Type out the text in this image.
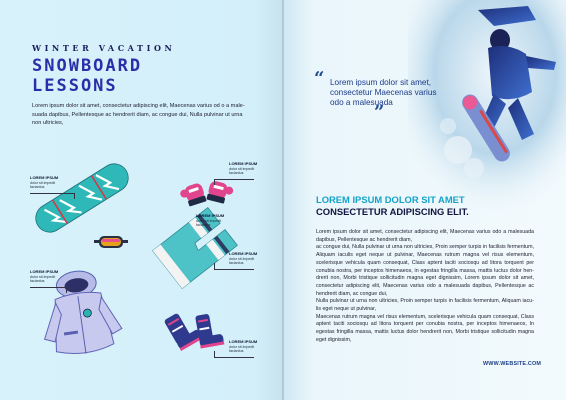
WINTER VACATION
SNOWBOARD
LESSONS
Lorem ipsum dolor sit amet, consectetur adipiscing elit, Maecenas varius od o a male-suada dapibus, Pellentesque ac hendrerit diam, ac congue dui, Nulla pulvinar ut urna non ultricies,
LOREM IPSUM
dolor sit impedit
faciantus
LOREM IPSUM
dolor sit impedit
faciantus
LOREM IPSUM
dolor sit impedit
faciantus
LOREM IPSUM
dolor sit impedit
faciantus
LOREM IPSUM
dolor sit impedit
faciantus
LOREM IPSUM
dolor sit impedit
faciantus
“ Lorem ipsum dolor sit amet, consectetur Maecenas varius odo a malesuada
”
LOREM IPSUM DOLOR SIT AMET
CONSECTETUR ADIPISCING ELIT.

Lorem ipsum dolor sit amet, consectetur adipiscing elit, Maecenas varius odo a malesuada dapibus, Pellentesque ac hendrerit diam,

ac congue dui, Nulla pulvinar ut urna non ultricies, Proin semper turpis in facilisis fermentum, Aliquam iaculis eget neque ut pulvinar, Maecenas rutrum magna vel risus elementum, scelerisque vehicula quam consequat, Class aptent taciti sociosqu ad litora torquent per conubia nostra, per inceptos himenaeos, in egestas fringilla massa, mattis luctus dolor hen-drerit non, Morbi tristique sollicitudin magna eget dignissim, Lorem ipsum dolor sit amet, consectetur adipiscing elit, Maecenas varius odo a malesuada dapibus, Pellentesque ac hendrerit diam, ac congue dui,

Nulla pulvinar ut urna non ultricies, Proin semper turpis in facilisis fermentum, Aliquam iacu-lis eget neque ut pulvinar,

Maecenas rutrum magna vel risus elementum, scelerisque vehicula quam consequat, Class aptent taciti sociosqu ad litora torquent per conubia nostra, per inceptos himenaeos, In egestas fringilla massa, mattis luctus dolor hendrerit non, Morbi tristique sollicitudin magna eget dignissim,

WWW.WEBSITE.COM
